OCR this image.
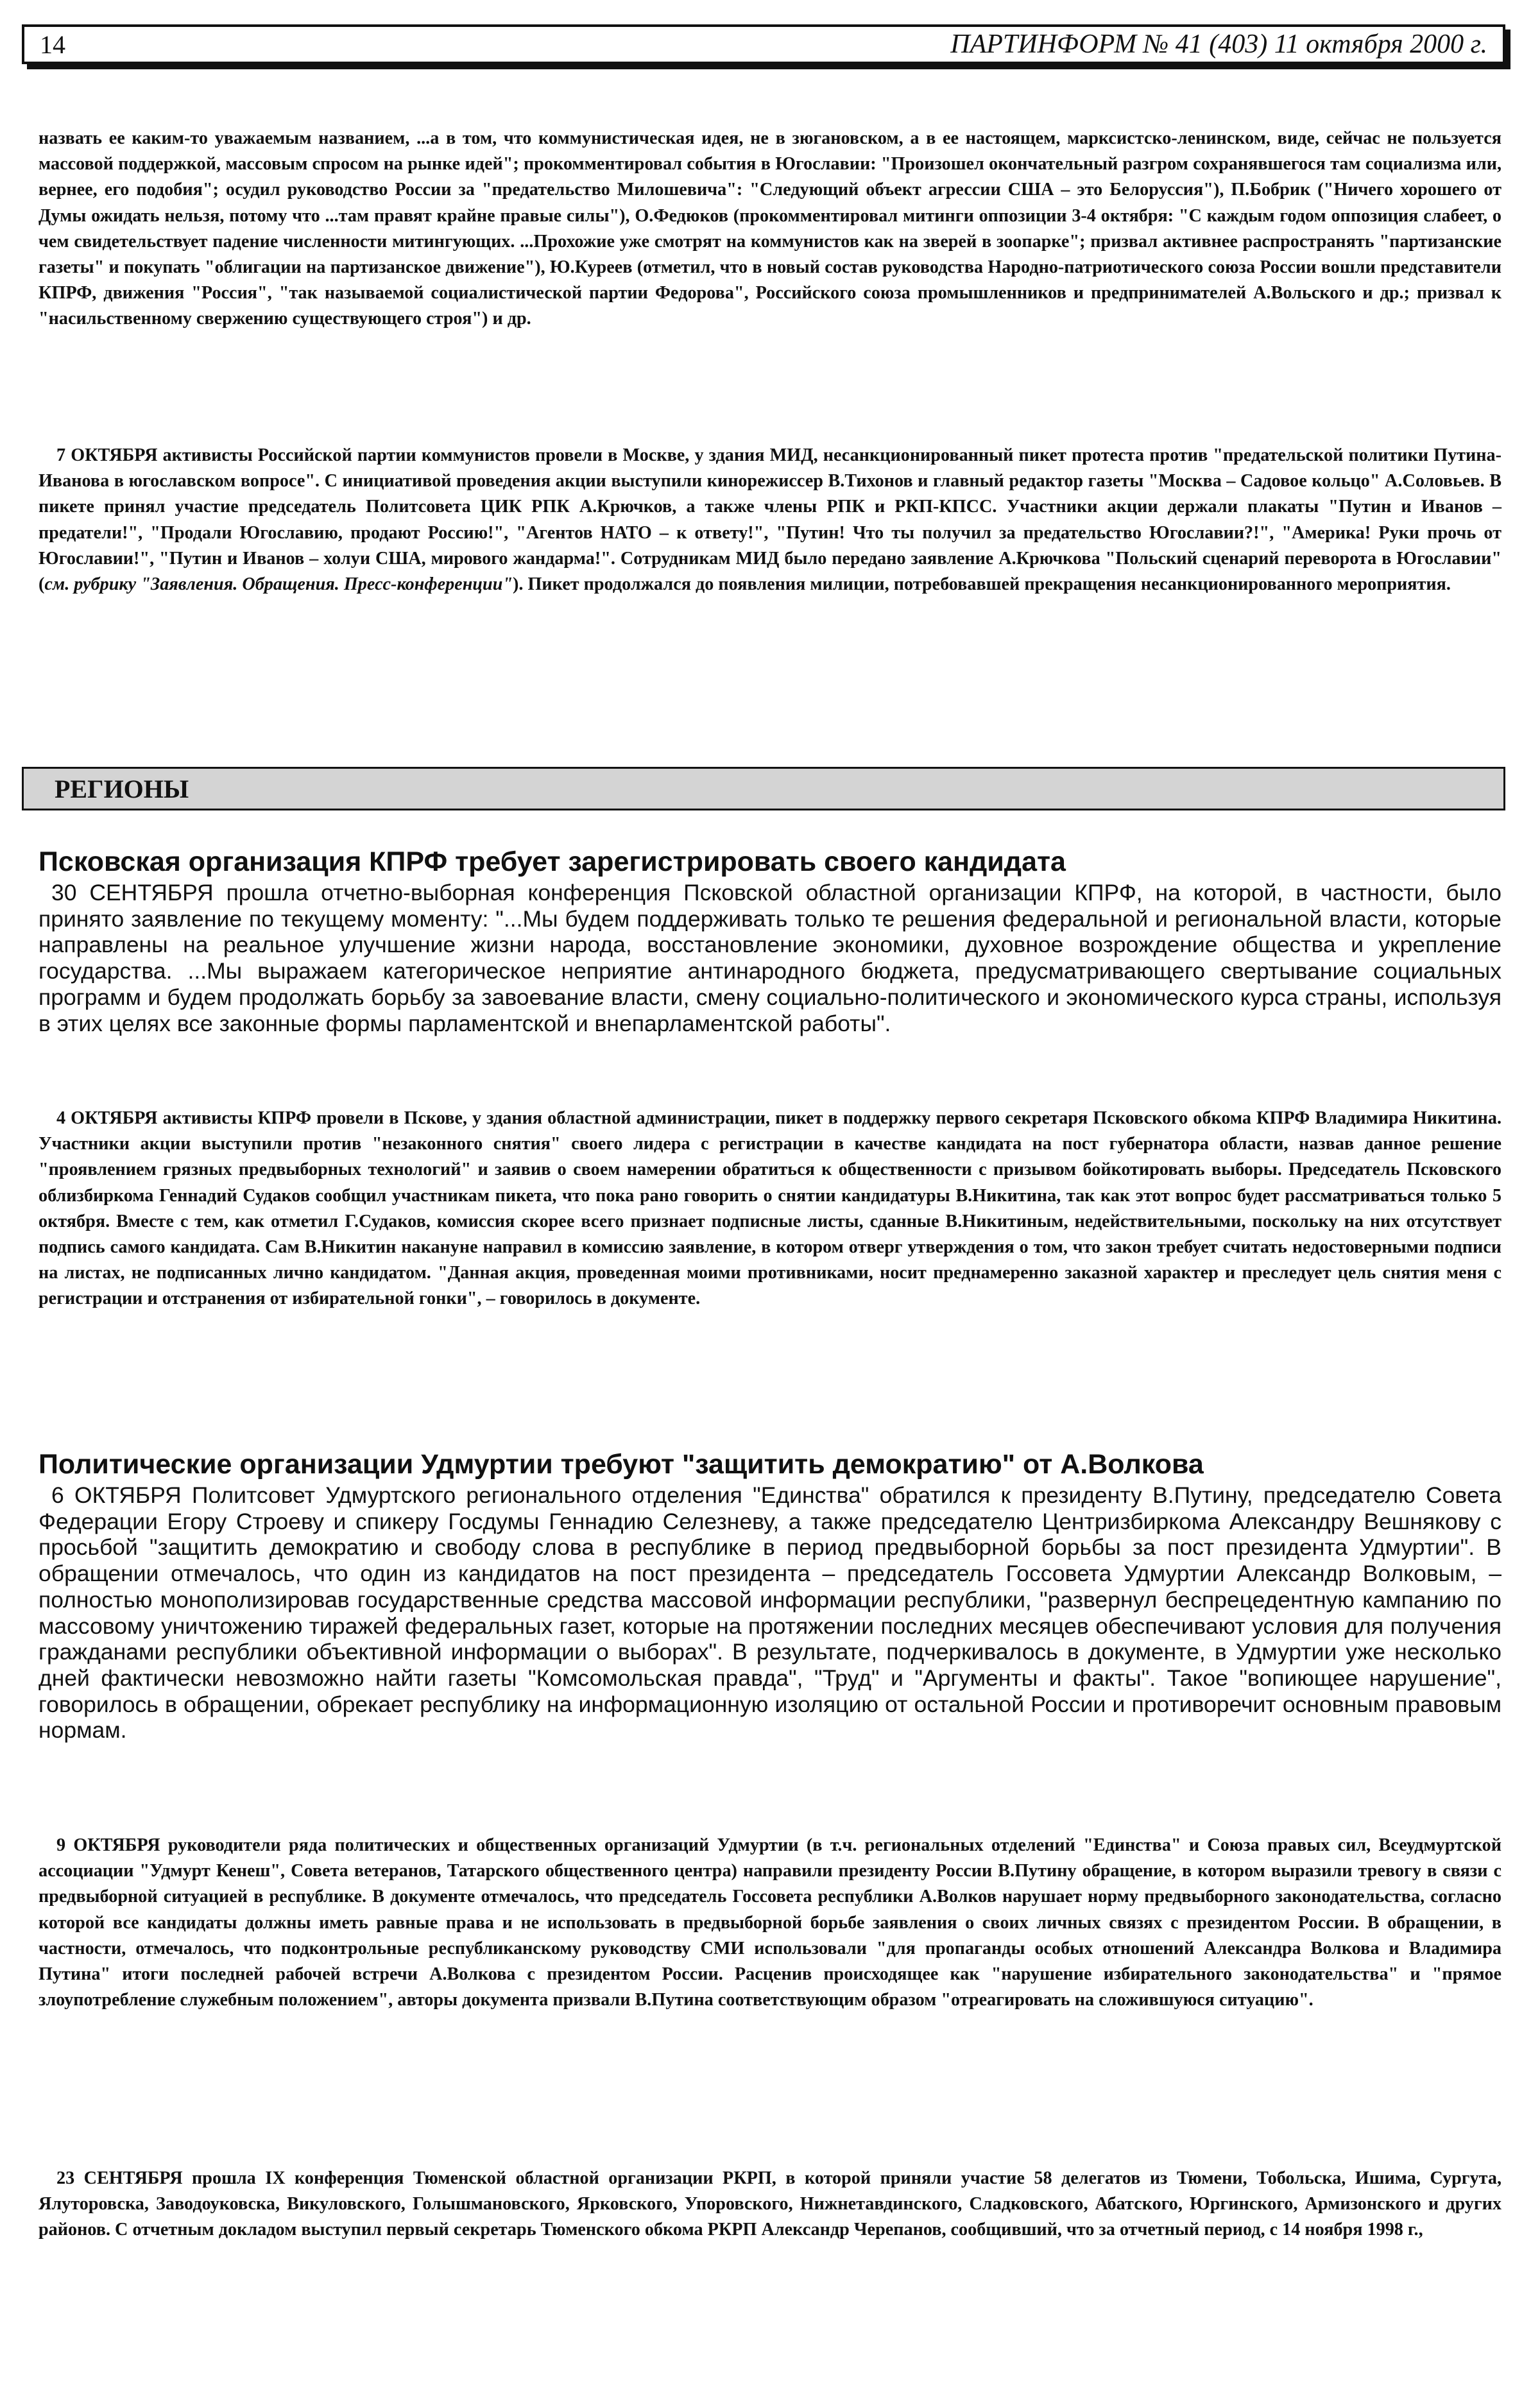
14	ПАРТИНФОРМ № 41 (403) 11 октября 2000 г.

назвать ее каким-то уважаемым названием, ...а в том, что коммунистическая идея, не в зюгановском, а в ее настоящем, марксистско-ленинском, виде, сейчас не пользуется массовой поддержкой, массовым спросом на рынке идей"; прокомментировал события в Югославии: "Произошел окончательный разгром сохранявшегося там социализма или, вернее, его подобия"; осудил руководство России за "предательство Милошевича": "Следующий объект агрессии США – это Белоруссия"), П.Бобрик ("Ничего хорошего от Думы ожидать нельзя, потому что ...там правят крайне правые силы"), О.Федюков (прокомментировал митинги оппозиции 3-4 октября: "С каждым годом оппозиция слабеет, о чем свидетельствует падение численности митингующих. ...Прохожие уже смотрят на коммунистов как на зверей в зоопарке"; призвал активнее распространять "партизанские газеты" и покупать "облигации на партизанское движение"), Ю.Куреев (отметил, что в новый состав руководства Народно-патриотического союза России вошли представители КПРФ, движения "Россия", "так называемой социалистической партии Федорова", Российского союза промышленников и предпринимателей А.Вольского и др.; призвал к "насильственному свержению существующего строя") и др.

7 ОКТЯБРЯ активисты Российской партии коммунистов провели в Москве, у здания МИД, несанкционированный пикет протеста против "предательской политики Путина-Иванова в югославском вопросе". С инициативой проведения акции выступили кинорежиссер В.Тихонов и главный редактор газеты "Москва – Садовое кольцо" А.Соловьев. В пикете принял участие председатель Политсовета ЦИК РПК А.Крючков, а также члены РПК и РКП-КПСС. Участники акции держали плакаты "Путин и Иванов – предатели!", "Продали Югославию, продают Россию!", "Агентов НАТО – к ответу!", "Путин! Что ты получил за предательство Югославии?!", "Америка! Руки прочь от Югославии!", "Путин и Иванов – холуи США, мирового жандарма!". Сотрудникам МИД было передано заявление А.Крючкова "Польский сценарий переворота в Югославии" (см. рубрику "Заявления. Обращения. Пресс-конференции"). Пикет продолжался до появления милиции, потребовавшей прекращения несанкционированного мероприятия.

РЕГИОНЫ
Псковская организация КПРФ требует зарегистрировать своего кандидата

30 СЕНТЯБРЯ прошла отчетно-выборная конференция Псковской областной организации КПРФ, на которой, в частности, было принято заявление по текущему моменту: "...Мы будем поддерживать только те решения федеральной и региональной власти, которые направлены на реальное улучшение жизни народа, восстановление экономики, духовное возрождение общества и укрепление государства. ...Мы выражаем категорическое неприятие антинародного бюджета, предусматривающего свертывание социальных программ и будем продолжать борьбу за завоевание власти, смену социально-политического и экономического курса страны, используя в этих целях все законные формы парламентской и внепарламентской работы".

4 ОКТЯБРЯ активисты КПРФ провели в Пскове, у здания областной администрации, пикет в поддержку первого секретаря Псковского обкома КПРФ Владимира Никитина. Участники акции выступили против "незаконного снятия" своего лидера с регистрации в качестве кандидата на пост губернатора области, назвав данное решение "проявлением грязных предвыборных технологий" и заявив о своем намерении обратиться к общественности с призывом бойкотировать выборы. Председатель Псковского облизбиркома Геннадий Судаков сообщил участникам пикета, что пока рано говорить о снятии кандидатуры В.Никитина, так как этот вопрос будет рассматриваться только 5 октября. Вместе с тем, как отметил Г.Судаков, комиссия скорее всего признает подписные листы, сданные В.Никитиным, недействительными, поскольку на них отсутствует подпись самого кандидата. Сам В.Никитин накануне направил в комиссию заявление, в котором отверг утверждения о том, что закон требует считать недостоверными подписи на листах, не подписанных лично кандидатом. "Данная акция, проведенная моими противниками, носит преднамеренно заказной характер и преследует цель снятия меня с регистрации и отстранения от избирательной гонки", – говорилось в документе.

Политические организации Удмуртии требуют "защитить демократию" от А.Волкова

6 ОКТЯБРЯ Политсовет Удмуртского регионального отделения "Единства" обратился к президенту В.Путину, председателю Совета Федерации Егору Строеву и спикеру Госдумы Геннадию Селезневу, а также председателю Центризбиркома Александру Вешнякову с просьбой "защитить демократию и свободу слова в республике в период предвыборной борьбы за пост президента Удмуртии". В обращении отмечалось, что один из кандидатов на пост президента – председатель Госсовета Удмуртии Александр Волковым, – полностью монополизировав государственные средства массовой информации республики, "развернул беспрецедентную кампанию по массовому уничтожению тиражей федеральных газет, которые на протяжении последних месяцев обеспечивают условия для получения гражданами республики объективной информации о выборах". В результате, подчеркивалось в документе, в Удмуртии уже несколько дней фактически невозможно найти газеты "Комсомольская правда", "Труд" и "Аргументы и факты". Такое "вопиющее нарушение", говорилось в обращении, обрекает республику на информационную изоляцию от остальной России и противоречит основным правовым нормам.

9 ОКТЯБРЯ руководители ряда политических и общественных организаций Удмуртии (в т.ч. региональных отделений "Единства" и Союза правых сил, Всеудмуртской ассоциации "Удмурт Кенеш", Совета ветеранов, Татарского общественного центра) направили президенту России В.Путину обращение, в котором выразили тревогу в связи с предвыборной ситуацией в республике. В документе отмечалось, что председатель Госсовета республики А.Волков нарушает норму предвыборного законодательства, согласно которой все кандидаты должны иметь равные права и не использовать в предвыборной борьбе заявления о своих личных связях с президентом России. В обращении, в частности, отмечалось, что подконтрольные республиканскому руководству СМИ использовали "для пропаганды особых отношений Александра Волкова и Владимира Путина" итоги последней рабочей встречи А.Волкова с президентом России. Расценив происходящее как "нарушение избирательного законодательства" и "прямое злоупотребление служебным положением", авторы документа призвали В.Путина соответствующим образом "отреагировать на сложившуюся ситуацию".

23 СЕНТЯБРЯ прошла IX конференция Тюменской областной организации РКРП, в которой приняли участие 58 делегатов из Тюмени, Тобольска, Ишима, Сургута, Ялуторовска, Заводоуковска, Викуловского, Голышмановского, Ярковского, Упоровского, Нижнетавдинского, Сладковского, Абатского, Юргинского, Армизонского и других районов. С отчетным докладом выступил первый секретарь Тюменского обкома РКРП Александр Черепанов, сообщивший, что за отчетный период, с 14 ноября 1998 г.,
